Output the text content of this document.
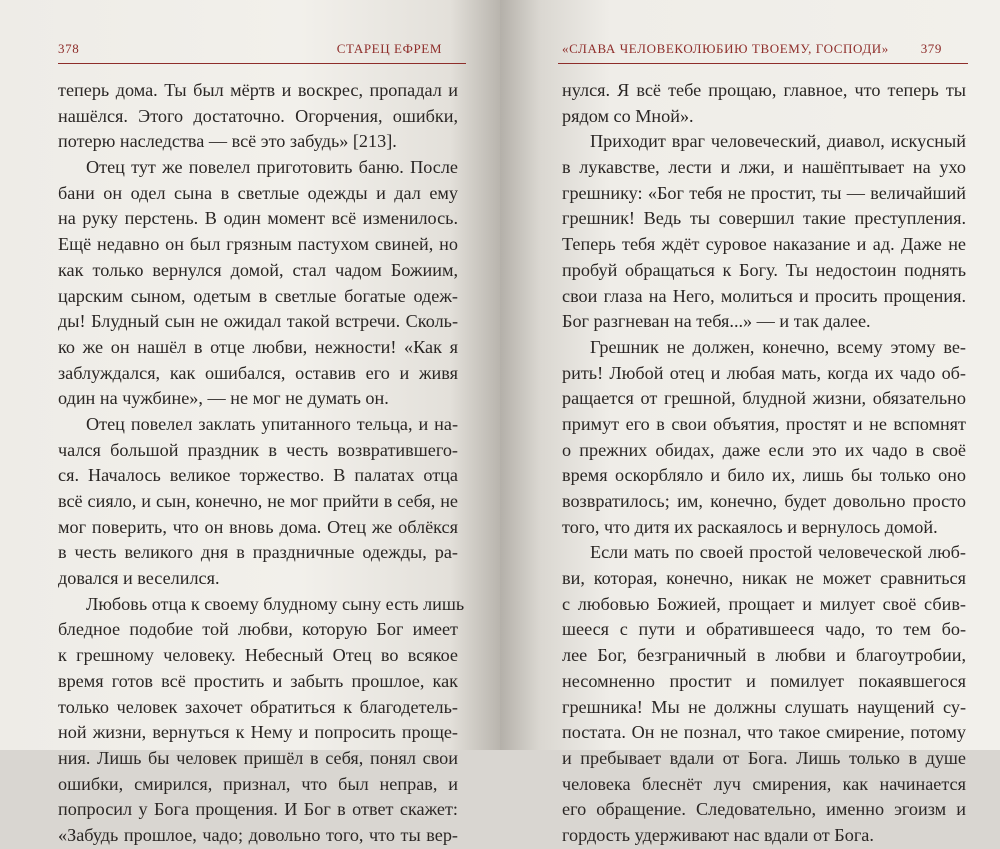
378	СТАРЕЦ ЕФРЕМ
теперь дома. Ты был мёртв и воскрес, пропадал и
нашёлся. Этого достаточно. Огорчения, ошибки,
потерю наследства — всё это забудь» [213].
Отец тут же повелел приготовить баню. После
бани он одел сына в светлые одежды и дал ему
на руку перстень. В один момент всё изменилось.
Ещё недавно он был грязным пастухом свиней, но
как только вернулся домой, стал чадом Божиим,
царским сыном, одетым в светлые богатые одеж-
ды! Блудный сын не ожидал такой встречи. Сколь-
ко же он нашёл в отце любви, нежности! «Как я
заблуждался, как ошибался, оставив его и живя
один на чужбине», — не мог не думать он.
Отец повелел заклать упитанного тельца, и на-
чался большой праздник в честь возвратившего-
ся. Началось великое торжество. В палатах отца
всё сияло, и сын, конечно, не мог прийти в себя, не
мог поверить, что он вновь дома. Отец же облёкся
в честь великого дня в праздничные одежды, ра-
довался и веселился.
Любовь отца к своему блудному сыну есть лишь
бледное подобие той любви, которую Бог имеет
к грешному человеку. Небесный Отец во всякое
время готов всё простить и забыть прошлое, как
только человек захочет обратиться к благодетель-
ной жизни, вернуться к Нему и попросить проще-
ния. Лишь бы человек пришёл в себя, понял свои
ошибки, смирился, признал, что был неправ, и
попросил у Бога прощения. И Бог в ответ скажет:
«Забудь прошлое, чадо; довольно того, что ты вер-
«СЛАВА ЧЕЛОВЕКОЛЮБИЮ ТВОЕМУ, ГОСПОДИ» 379
нулся. Я всё тебе прощаю, главное, что теперь ты
рядом со Мной».
Приходит враг человеческий, диавол, искусный
в лукавстве, лести и лжи, и нашёптывает на ухо
грешнику: «Бог тебя не простит, ты — величайший
грешник! Ведь ты совершил такие преступления.
Теперь тебя ждёт суровое наказание и ад. Даже не
пробуй обращаться к Богу. Ты недостоин поднять
свои глаза на Него, молиться и просить прощения.
Бог разгневан на тебя...» — и так далее.
Грешник не должен, конечно, всему этому ве-
рить! Любой отец и любая мать, когда их чадо об-
ращается от грешной, блудной жизни, обязательно
примут его в свои объятия, простят и не вспомнят
о прежних обидах, даже если это их чадо в своё
время оскорбляло и било их, лишь бы только оно
возвратилось; им, конечно, будет довольно просто
того, что дитя их раскаялось и вернулось домой.
Если мать по своей простой человеческой люб-
ви, которая, конечно, никак не может сравниться
с любовью Божией, прощает и милует своё сбив-
шееся с пути и обратившееся чадо, то тем бо-
лее Бог, безграничный в любви и благоутробии,
несомненно простит и помилует покаявшегося
грешника! Мы не должны слушать наущений су-
постата. Он не познал, что такое смирение, потому
и пребывает вдали от Бога. Лишь только в душе
человека блеснёт луч смирения, как начинается
его обращение. Следовательно, именно эгоизм и
гордость удерживают нас вдали от Бога.
